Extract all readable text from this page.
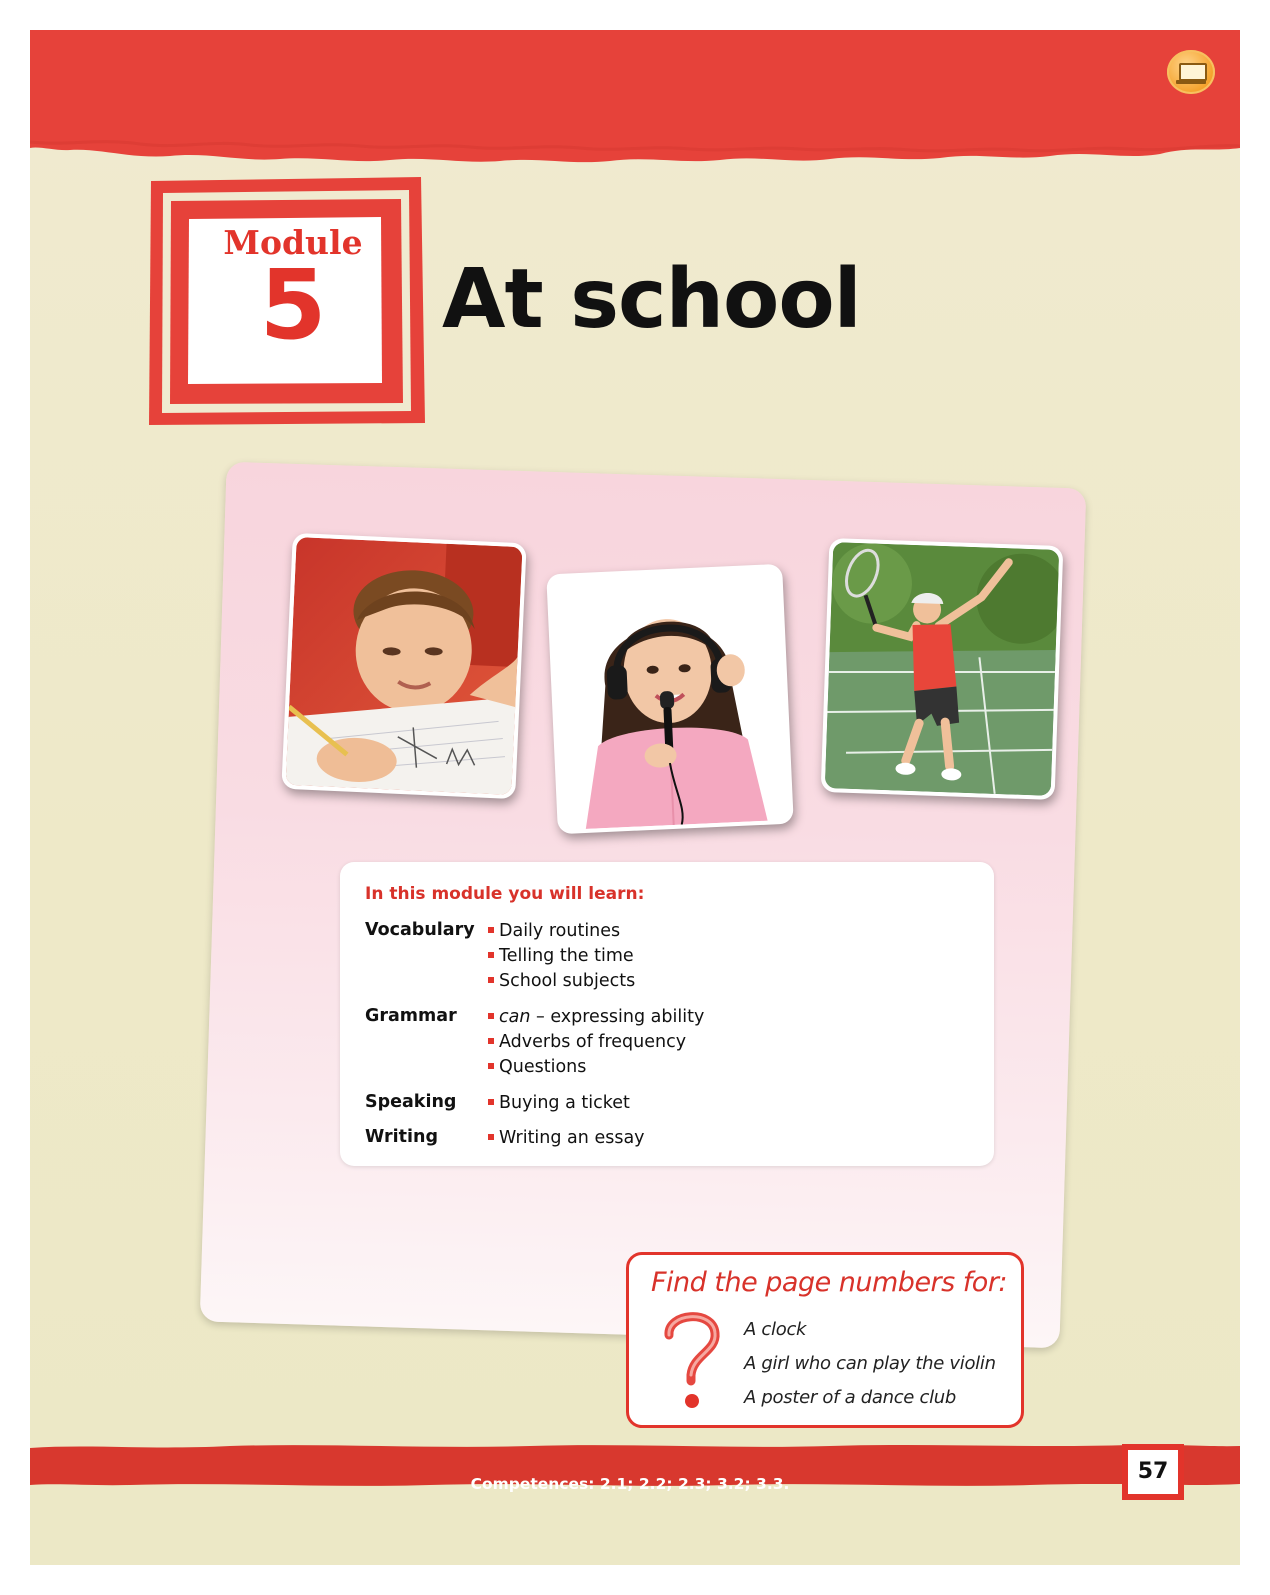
Module
5	At school
In this module you will learn:
Vocabulary	Daily routines
Telling the time
School subjects
Grammar	can – expressing ability
Adverbs of frequency
Questions
Speaking	Buying a ticket
Writing	Writing an essay
Find the page numbers for:
A clock
A girl who can play the violin
A poster of a dance club
Competences: 2.1; 2.2; 2.3; 3.2; 3.3.	57
